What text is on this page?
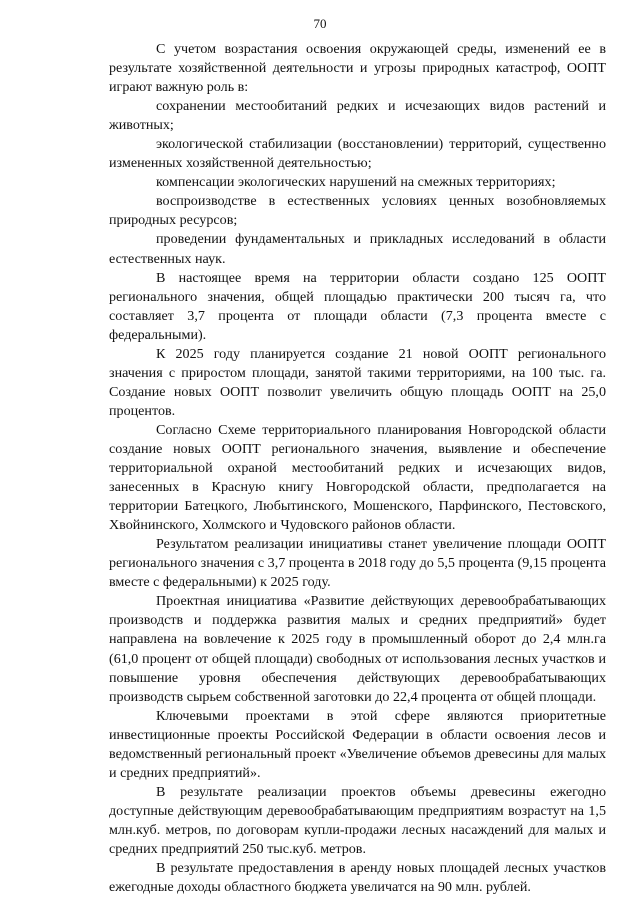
70

С учетом возрастания освоения окружающей среды, изменений ее в результате хозяйственной деятельности и угрозы природных катастроф, ООПТ играют важную роль в:

сохранении местообитаний редких и исчезающих видов растений и животных;

экологической стабилизации (восстановлении) территорий, существенно измененных хозяйственной деятельностью;

компенсации экологических нарушений на смежных территориях;

воспроизводстве в естественных условиях ценных возобновляемых природных ресурсов;

проведении фундаментальных и прикладных исследований в области естественных наук.

В настоящее время на территории области создано 125 ООПТ регионального значения, общей площадью практически 200 тысяч га, что составляет 3,7 процента от площади области (7,3 процента вместе с федеральными).

К 2025 году планируется создание 21 новой ООПТ регионального значения с приростом площади, занятой такими территориями, на 100 тыс. га. Создание новых ООПТ позволит увеличить общую площадь ООПТ на 25,0 процентов.

Согласно Схеме территориального планирования Новгородской области создание новых ООПТ регионального значения, выявление и обеспечение территориальной охраной местообитаний редких и исчезающих видов, занесенных в Красную книгу Новгородской области, предполагается на территории Батецкого, Любытинского, Мошенского, Парфинского, Пестовского, Хвойнинского, Холмского и Чудовского районов области.

Результатом реализации инициативы станет увеличение площади ООПТ регионального значения с 3,7 процента в 2018 году до 5,5 процента (9,15 процента вместе с федеральными) к 2025 году.

Проектная инициатива «Развитие действующих деревообрабатывающих производств и поддержка развития малых и средних предприятий» будет направлена на вовлечение к 2025 году в промышленный оборот до 2,4 млн.га (61,0 процент от общей площади) свободных от использования лесных участков и повышение уровня обеспечения действующих деревообрабатывающих производств сырьем собственной заготовки до 22,4 процента от общей площади.

Ключевыми проектами в этой сфере являются приоритетные инвестиционные проекты Российской Федерации в области освоения лесов и ведомственный региональный проект «Увеличение объемов древесины для малых и средних предприятий».

В результате реализации проектов объемы древесины ежегодно доступные действующим деревообрабатывающим предприятиям возрастут на 1,5 млн.куб. метров, по договорам купли-продажи лесных насаждений для малых и средних предприятий 250 тыс.куб. метров.

В результате предоставления в аренду новых площадей лесных участков ежегодные доходы областного бюджета увеличатся на 90 млн. рублей.
